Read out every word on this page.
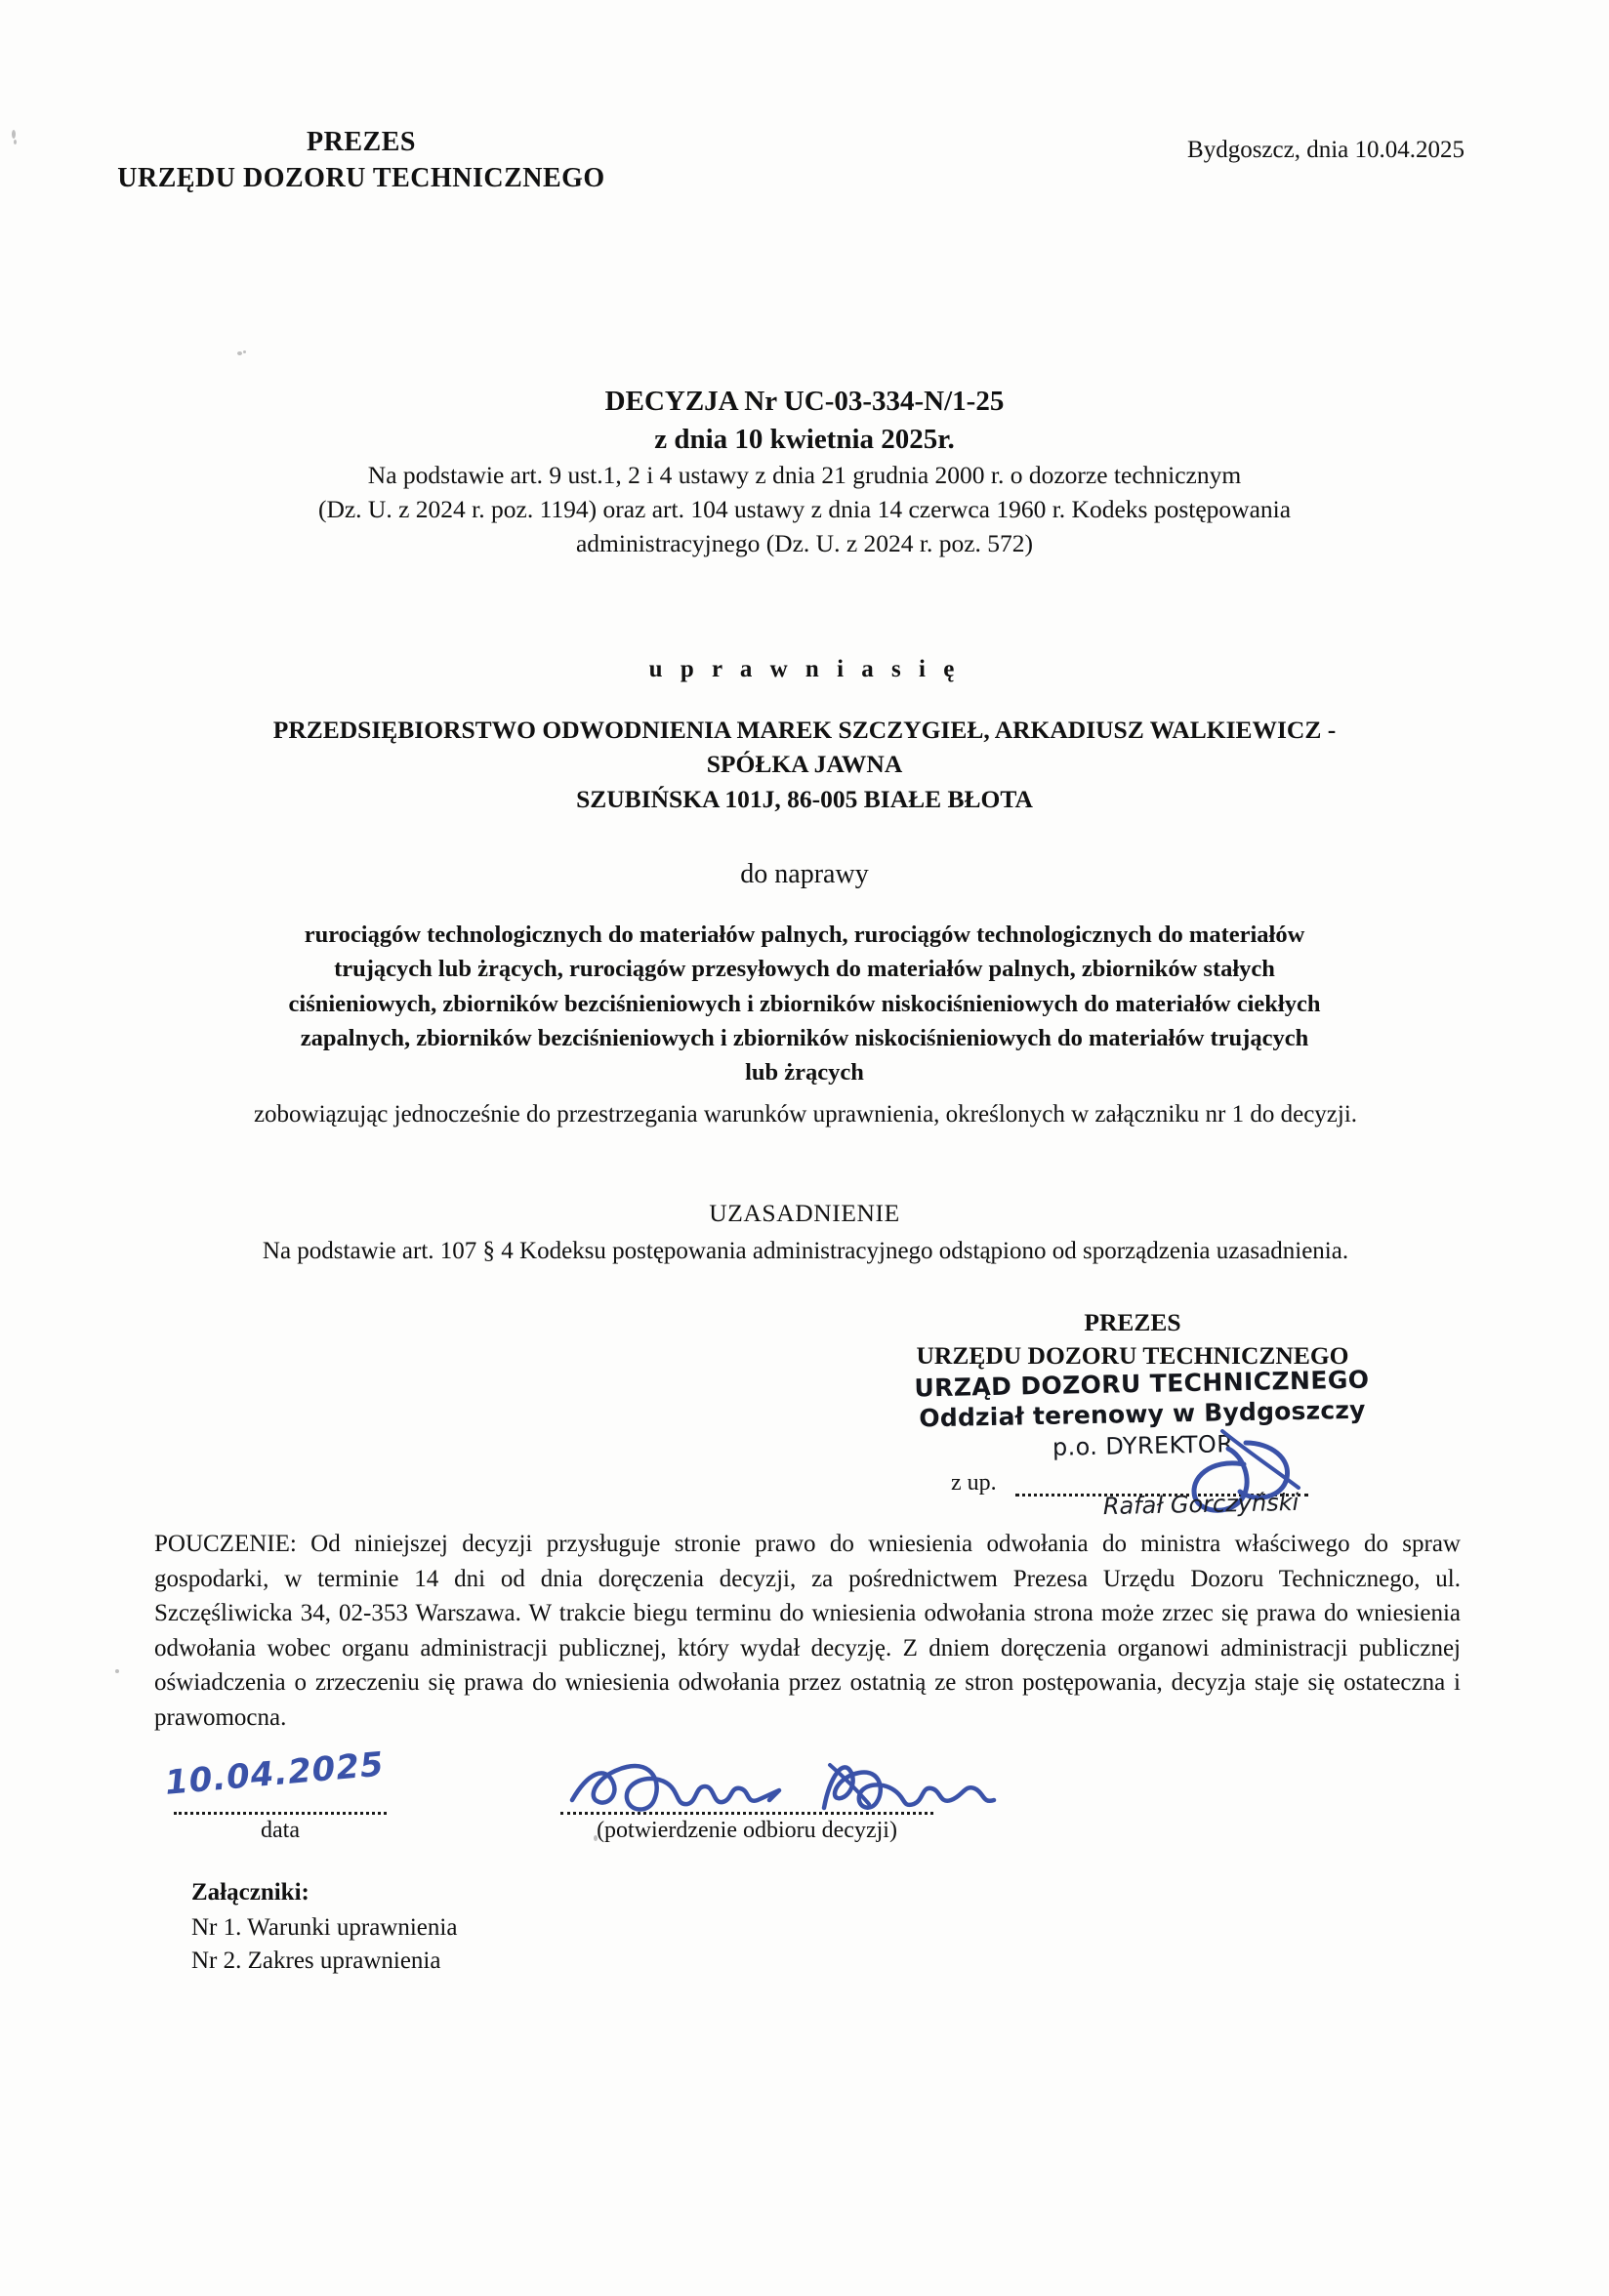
PREZES
URZĘDU DOZORU TECHNICZNEGO
Bydgoszcz, dnia 10.04.2025
DECYZJA Nr UC-03-334-N/1-25
z dnia 10 kwietnia 2025r.
Na podstawie art. 9 ust.1, 2 i 4 ustawy z dnia 21 grudnia 2000 r. o dozorze technicznym
(Dz. U. z 2024 r. poz. 1194) oraz art. 104 ustawy z dnia 14 czerwca 1960 r. Kodeks postępowania
administracyjnego (Dz. U. z 2024 r. poz. 572)
u p r a w n i a s i ę
PRZEDSIĘBIORSTWO ODWODNIENIA MAREK SZCZYGIEŁ, ARKADIUSZ WALKIEWICZ -
SPÓŁKA JAWNA
SZUBIŃSKA 101J, 86-005 BIAŁE BŁOTA
do naprawy
rurociągów technologicznych do materiałów palnych, rurociągów technologicznych do materiałów
trujących lub żrących, rurociągów przesyłowych do materiałów palnych, zbiorników stałych
ciśnieniowych, zbiorników bezciśnieniowych i zbiorników niskociśnieniowych do materiałów ciekłych
zapalnych, zbiorników bezciśnieniowych i zbiorników niskociśnieniowych do materiałów trujących
lub żrących
zobowiązując jednocześnie do przestrzegania warunków uprawnienia, określonych w załączniku nr 1 do decyzji.
UZASADNIENIE
Na podstawie art. 107 § 4 Kodeksu postępowania administracyjnego odstąpiono od sporządzenia uzasadnienia.
PREZES
URZĘDU DOZORU TECHNICZNEGO
URZĄD DOZORU TECHNICZNEGO
Oddział terenowy w Bydgoszczy
p.o. DYREKTOR
z up.
Rafał Gorczyński
POUCZENIE: Od niniejszej decyzji przysługuje stronie prawo do wniesienia odwołania do ministra właściwego do spraw gospodarki, w terminie 14 dni od dnia doręczenia decyzji, za pośrednictwem Prezesa Urzędu Dozoru Technicznego, ul. Szczęśliwicka 34, 02-353 Warszawa. W trakcie biegu terminu do wniesienia odwołania strona może zrzec się prawa do wniesienia odwołania wobec organu administracji publicznej, który wydał decyzję. Z dniem doręczenia organowi administracji publicznej oświadczenia o zrzeczeniu się prawa do wniesienia odwołania przez ostatnią ze stron postępowania, decyzja staje się ostateczna i prawomocna.
10.04.2025
data	(potwierdzenie odbioru decyzji)
Załączniki:
Nr 1. Warunki uprawnienia
Nr 2. Zakres uprawnienia
